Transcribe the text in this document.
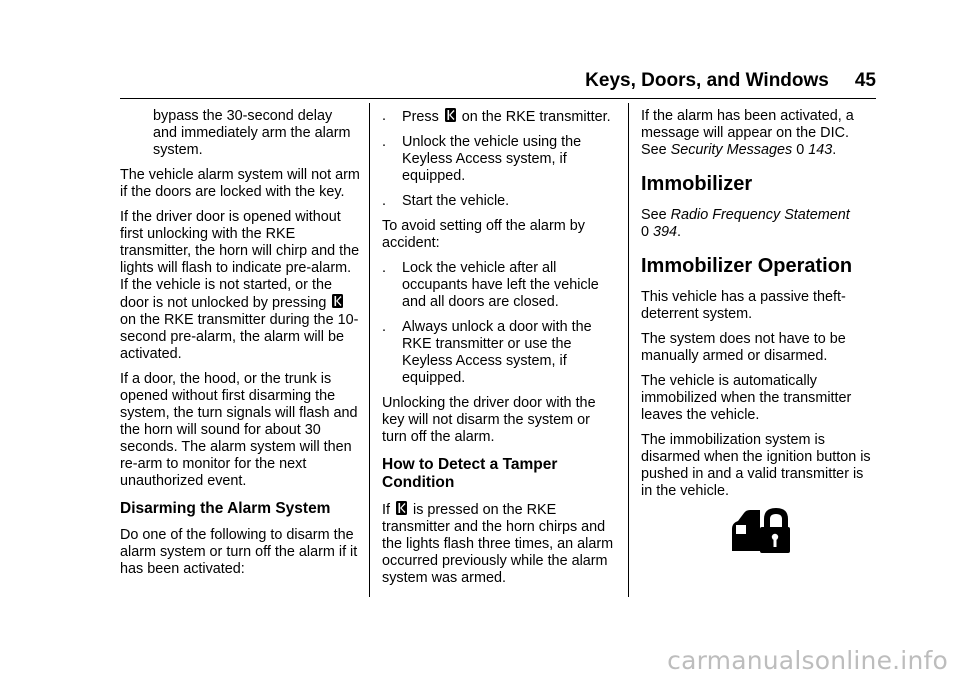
Keys, Doors, and Windows 45

bypass the 30-second delay and immediately arm the alarm system.

The vehicle alarm system will not arm if the doors are locked with the key.

If the driver door is opened without first unlocking with the RKE transmitter, the horn will chirp and the lights will flash to indicate pre-alarm. If the vehicle is not started, or the door is not unlocked by pressing  on the RKE transmitter during the 10-second pre-alarm, the alarm will be activated.

If a door, the hood, or the trunk is opened without first disarming the system, the turn signals will flash and the horn will sound for about 30 seconds. The alarm system will then re-arm to monitor for the next unauthorized event.

Disarming the Alarm System

Do one of the following to disarm the alarm system or turn off the alarm if it has been activated:

.	Press on the RKE transmitter.
.	Unlock the vehicle using the Keyless Access system, if equipped.
.	Start the vehicle.

To avoid setting off the alarm by accident:

.	Lock the vehicle after all occupants have left the vehicle and all doors are closed.
.	Always unlock a door with the RKE transmitter or use the Keyless Access system, if equipped.

Unlocking the driver door with the key will not disarm the system or turn off the alarm.

How to Detect a Tamper Condition

If is pressed on the RKE transmitter and the horn chirps and the lights flash three times, an alarm occurred previously while the alarm system was armed.

If the alarm has been activated, a message will appear on the DIC. See Security Messages 0 143.

Immobilizer

See Radio Frequency Statement
0 394.

Immobilizer Operation

This vehicle has a passive theft-deterrent system.

The system does not have to be manually armed or disarmed.

The vehicle is automatically immobilized when the transmitter leaves the vehicle.

The immobilization system is disarmed when the ignition button is pushed in and a valid transmitter is in the vehicle.

carmanualsonline.info
